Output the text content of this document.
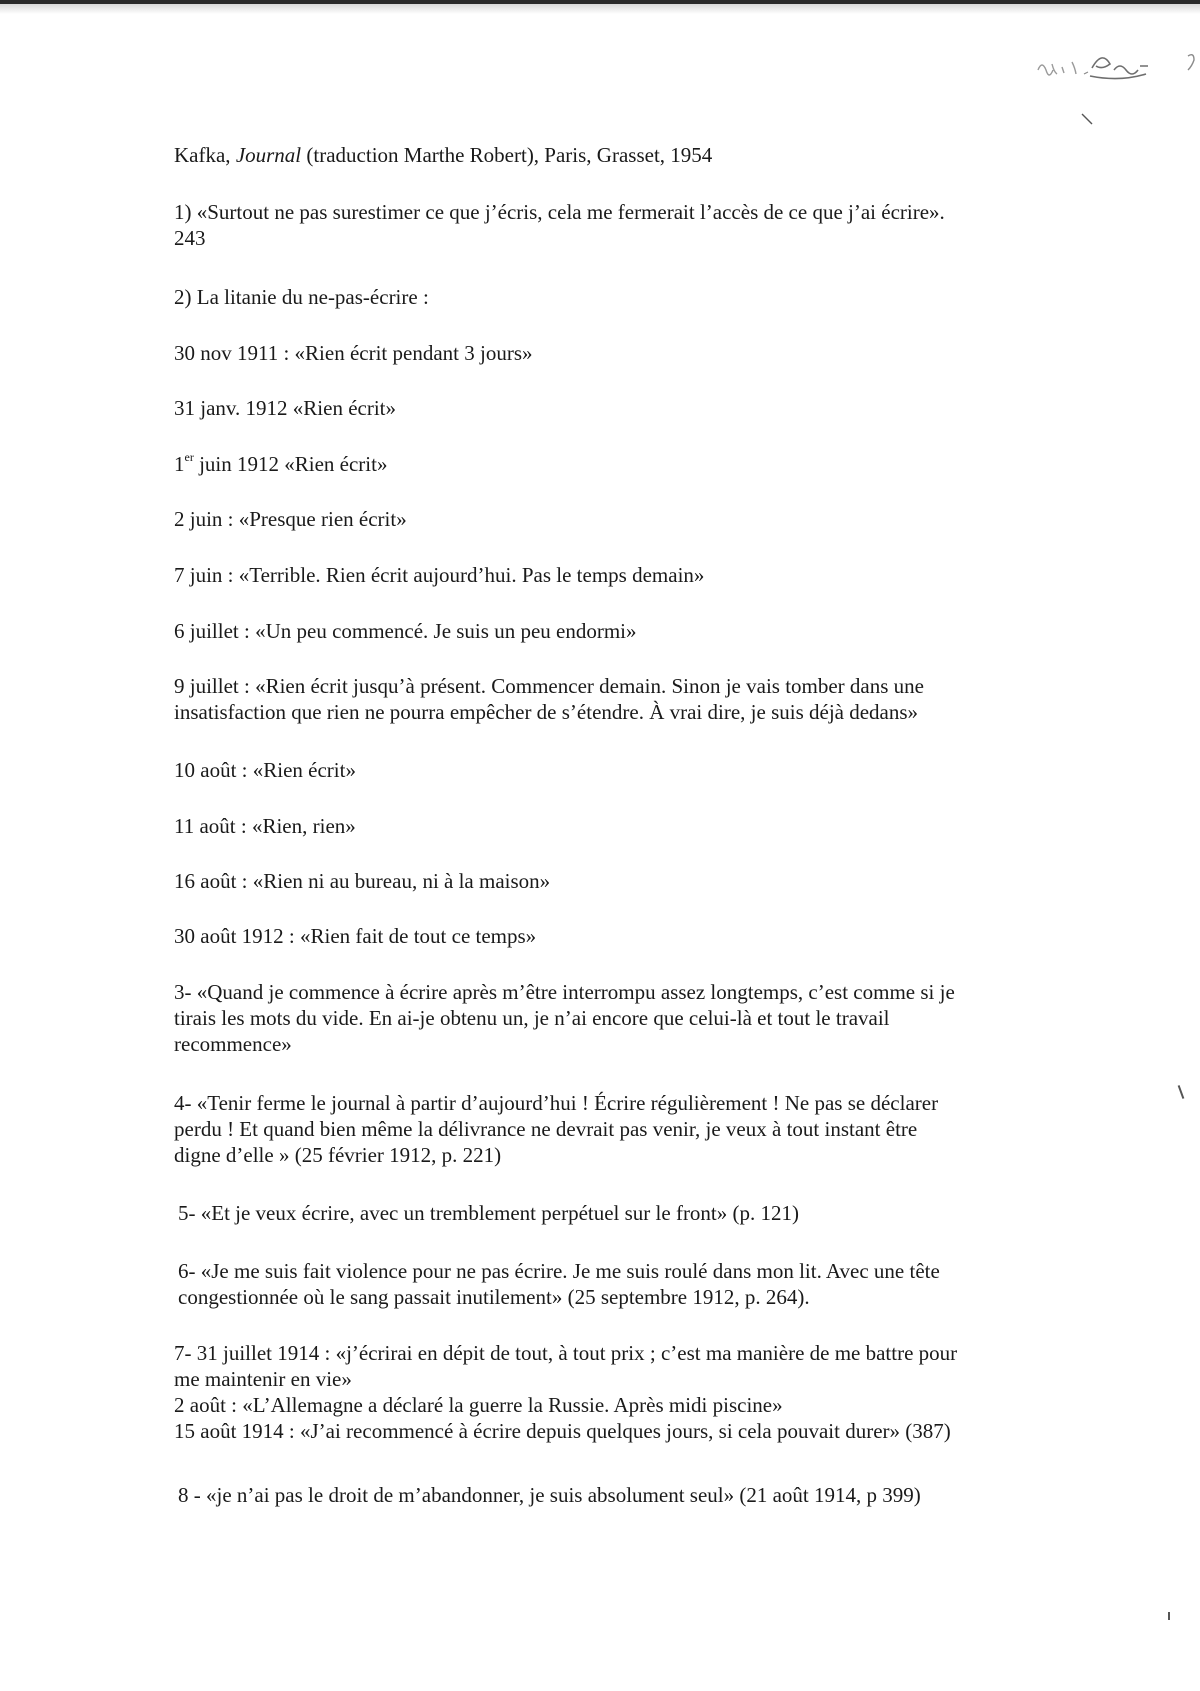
Kafka, Journal (traduction Marthe Robert), Paris, Grasset, 1954
1) «Surtout ne pas surestimer ce que j’écris, cela me fermerait l’accès de ce que j’ai écrire».
243
2) La litanie du ne-pas-écrire :
30 nov 1911 : «Rien écrit pendant 3 jours»
31 janv. 1912 «Rien écrit»
1er juin 1912 «Rien écrit»
2 juin : «Presque rien écrit»
7 juin : «Terrible. Rien écrit aujourd’hui. Pas le temps demain»
6 juillet : «Un peu commencé. Je suis un peu endormi»
9 juillet : «Rien écrit jusqu’à présent. Commencer demain. Sinon je vais tomber dans une
insatisfaction que rien ne pourra empêcher de s’étendre. À vrai dire, je suis déjà dedans»
10 août : «Rien écrit»
11 août : «Rien, rien»
16 août : «Rien ni au bureau, ni à la maison»
30 août 1912 : «Rien fait de tout ce temps»
3- «Quand je commence à écrire après m’être interrompu assez longtemps, c’est comme si je
tirais les mots du vide. En ai-je obtenu un, je n’ai encore que celui-là et tout le travail
recommence»
4- «Tenir ferme le journal à partir d’aujourd’hui ! Écrire régulièrement ! Ne pas se déclarer
perdu ! Et quand bien même la délivrance ne devrait pas venir, je veux à tout instant être
digne d’elle » (25 février 1912, p. 221)
5- «Et je veux écrire, avec un tremblement perpétuel sur le front» (p. 121)
6- «Je me suis fait violence pour ne pas écrire. Je me suis roulé dans mon lit. Avec une tête
congestionnée où le sang passait inutilement» (25 septembre 1912, p. 264).
7- 31 juillet 1914 : «j’écrirai en dépit de tout, à tout prix ; c’est ma manière de me battre pour
me maintenir en vie»
2 août : «L’Allemagne a déclaré la guerre la Russie. Après midi piscine»
15 août 1914 : «J’ai recommencé à écrire depuis quelques jours, si cela pouvait durer» (387)
8 - «je n’ai pas le droit de m’abandonner, je suis absolument seul» (21 août 1914, p 399)
